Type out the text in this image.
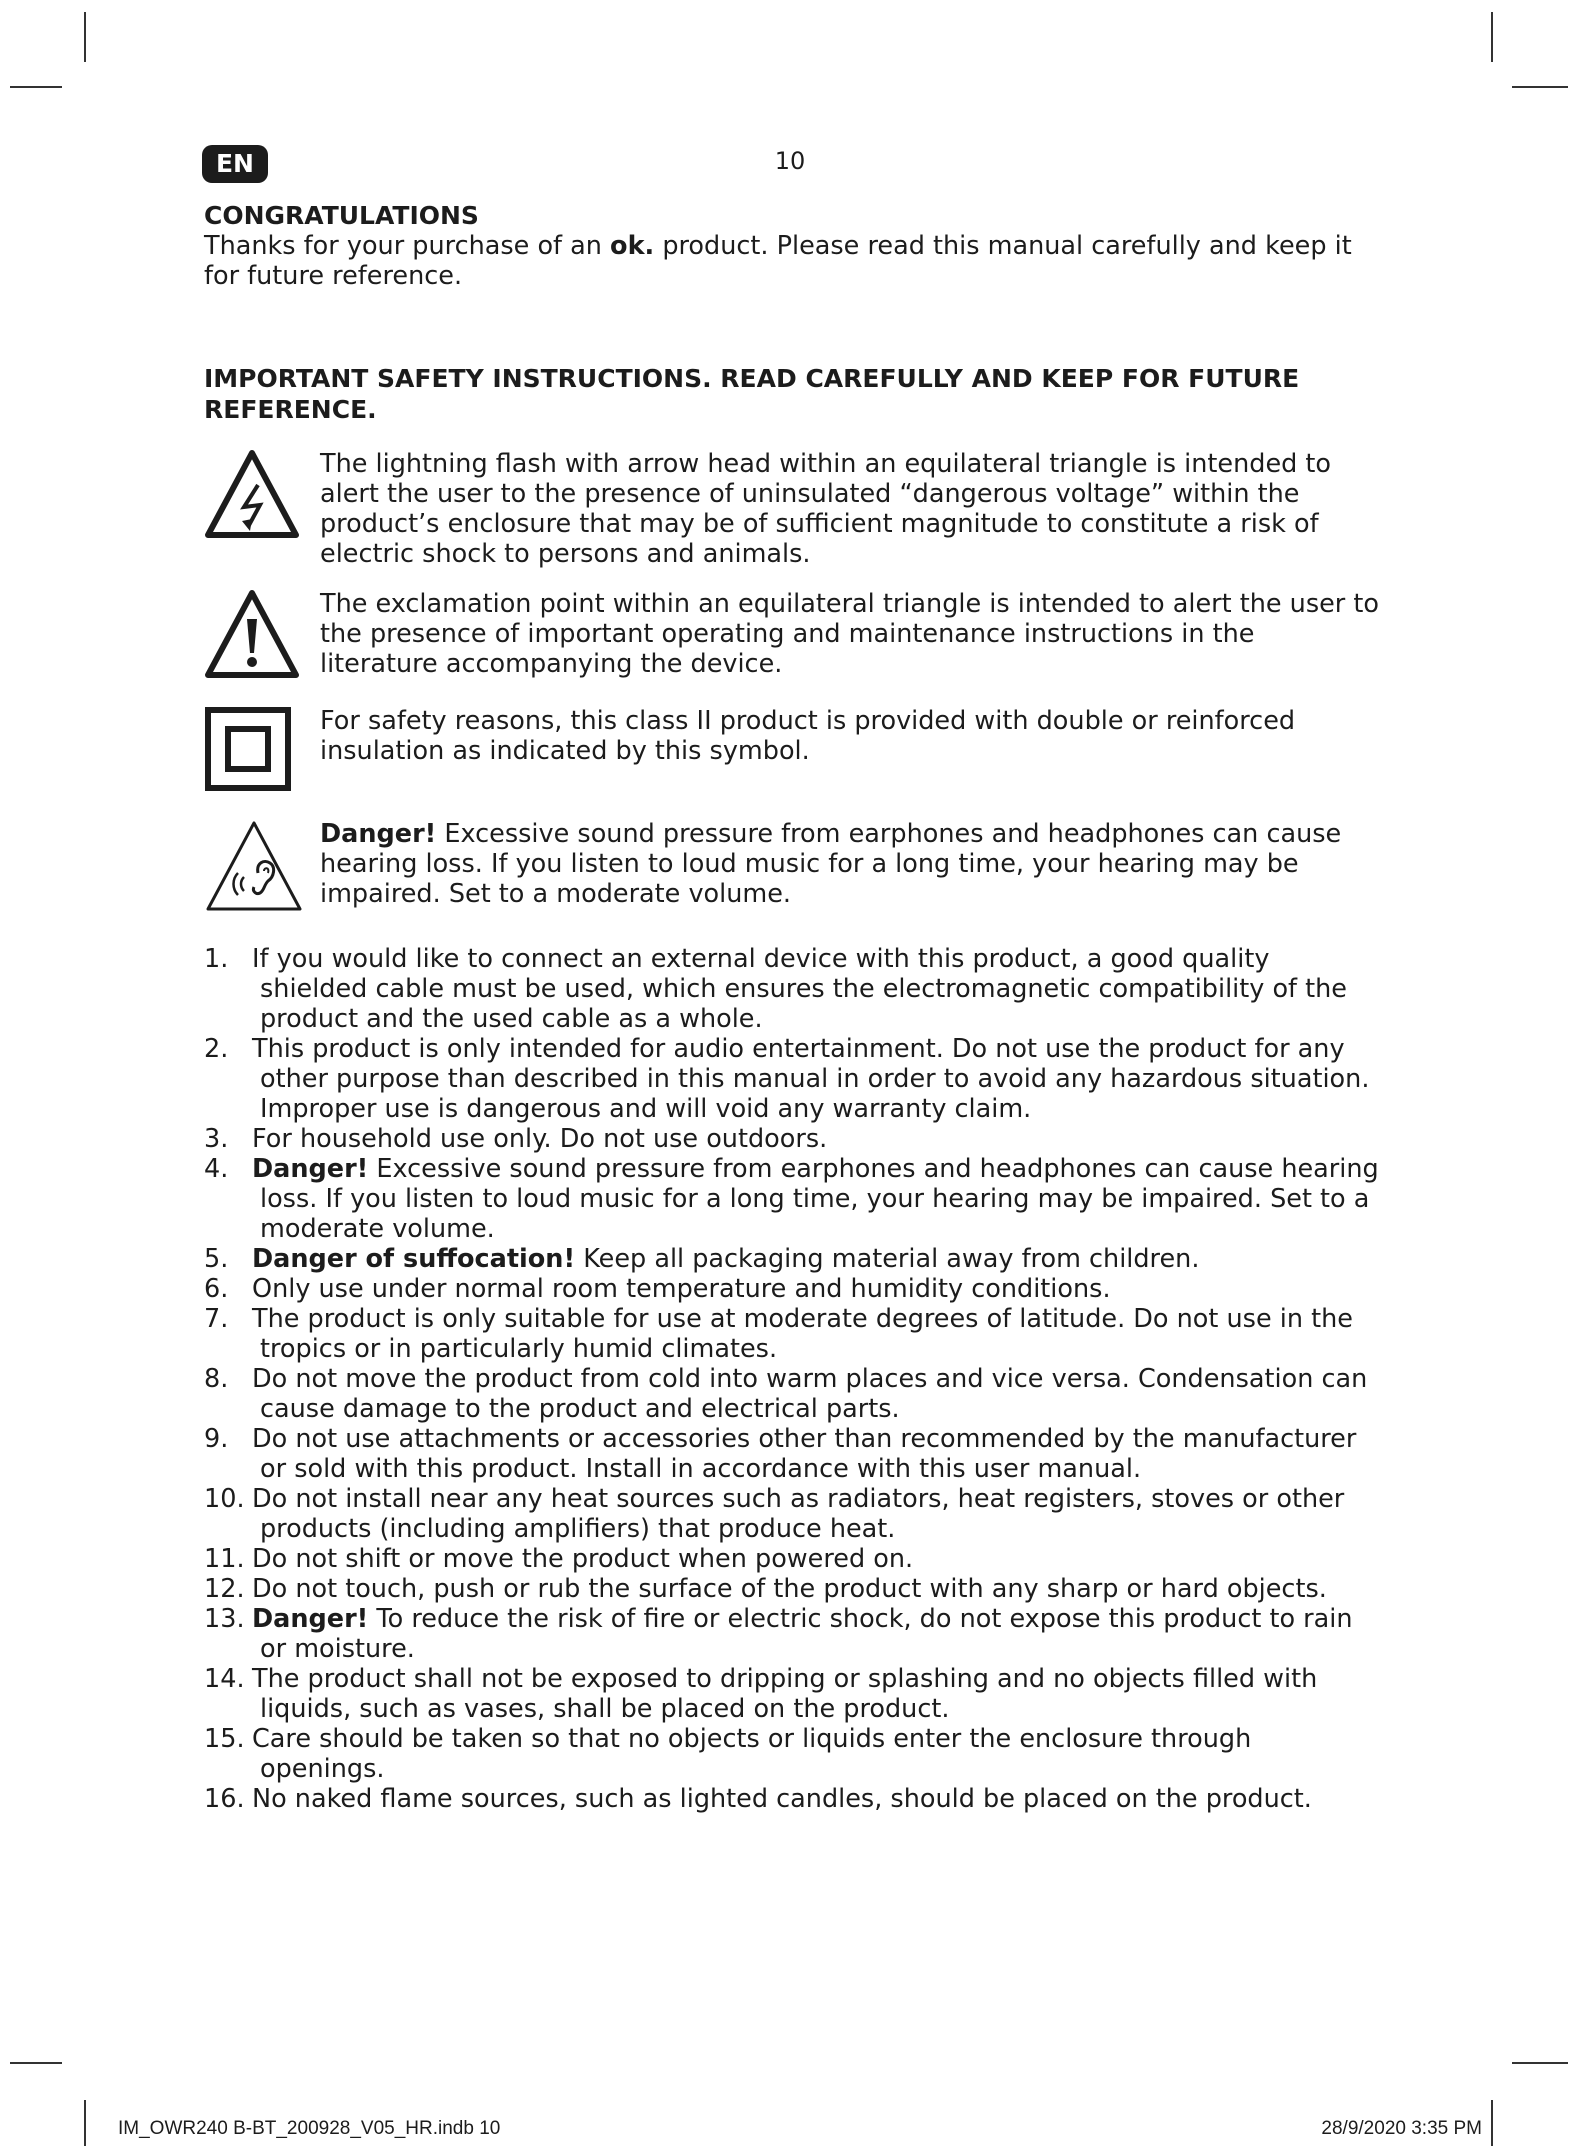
EN	10
CONGRATULATIONS

Thanks for your purchase of an ok. product. Please read this manual carefully and keep it for future reference.

IMPORTANT SAFETY INSTRUCTIONS. READ CAREFULLY AND KEEP FOR FUTURE REFERENCE.
The lightning flash with arrow head within an equilateral triangle is intended to alert the user to the presence of uninsulated “dangerous voltage” within the product’s enclosure that may be of sufficient magnitude to constitute a risk of electric shock to persons and animals.
The exclamation point within an equilateral triangle is intended to alert the user to the presence of important operating and maintenance instructions in the literature accompanying the device.
For safety reasons, this class II product is provided with double or reinforced insulation as indicated by this symbol.
Danger! Excessive sound pressure from earphones and headphones can cause hearing loss. If you listen to loud music for a long time, your hearing may be impaired. Set to a moderate volume.
1. If you would like to connect an external device with this product, a good quality shielded cable must be used, which ensures the electromagnetic compatibility of the product and the used cable as a whole.
2. This product is only intended for audio entertainment. Do not use the product for any other purpose than described in this manual in order to avoid any hazardous situation. Improper use is dangerous and will void any warranty claim.
3. For household use only. Do not use outdoors.
4. Danger! Excessive sound pressure from earphones and headphones can cause hearing loss. If you listen to loud music for a long time, your hearing may be impaired. Set to a moderate volume.
5. Danger of suffocation! Keep all packaging material away from children.
6. Only use under normal room temperature and humidity conditions.
7. The product is only suitable for use at moderate degrees of latitude. Do not use in the tropics or in particularly humid climates.
8. Do not move the product from cold into warm places and vice versa. Condensation can cause damage to the product and electrical parts.
9. Do not use attachments or accessories other than recommended by the manufacturer or sold with this product. Install in accordance with this user manual.
10. Do not install near any heat sources such as radiators, heat registers, stoves or other products (including amplifiers) that produce heat.
11. Do not shift or move the product when powered on.
12. Do not touch, push or rub the surface of the product with any sharp or hard objects.
13. Danger! To reduce the risk of fire or electric shock, do not expose this product to rain or moisture.
14. The product shall not be exposed to dripping or splashing and no objects filled with liquids, such as vases, shall be placed on the product.
15. Care should be taken so that no objects or liquids enter the enclosure through openings.
16. No naked flame sources, such as lighted candles, should be placed on the product.
IM_OWR240 B-BT_200928_V05_HR.indb 10	28/9/2020 3:35 PM
